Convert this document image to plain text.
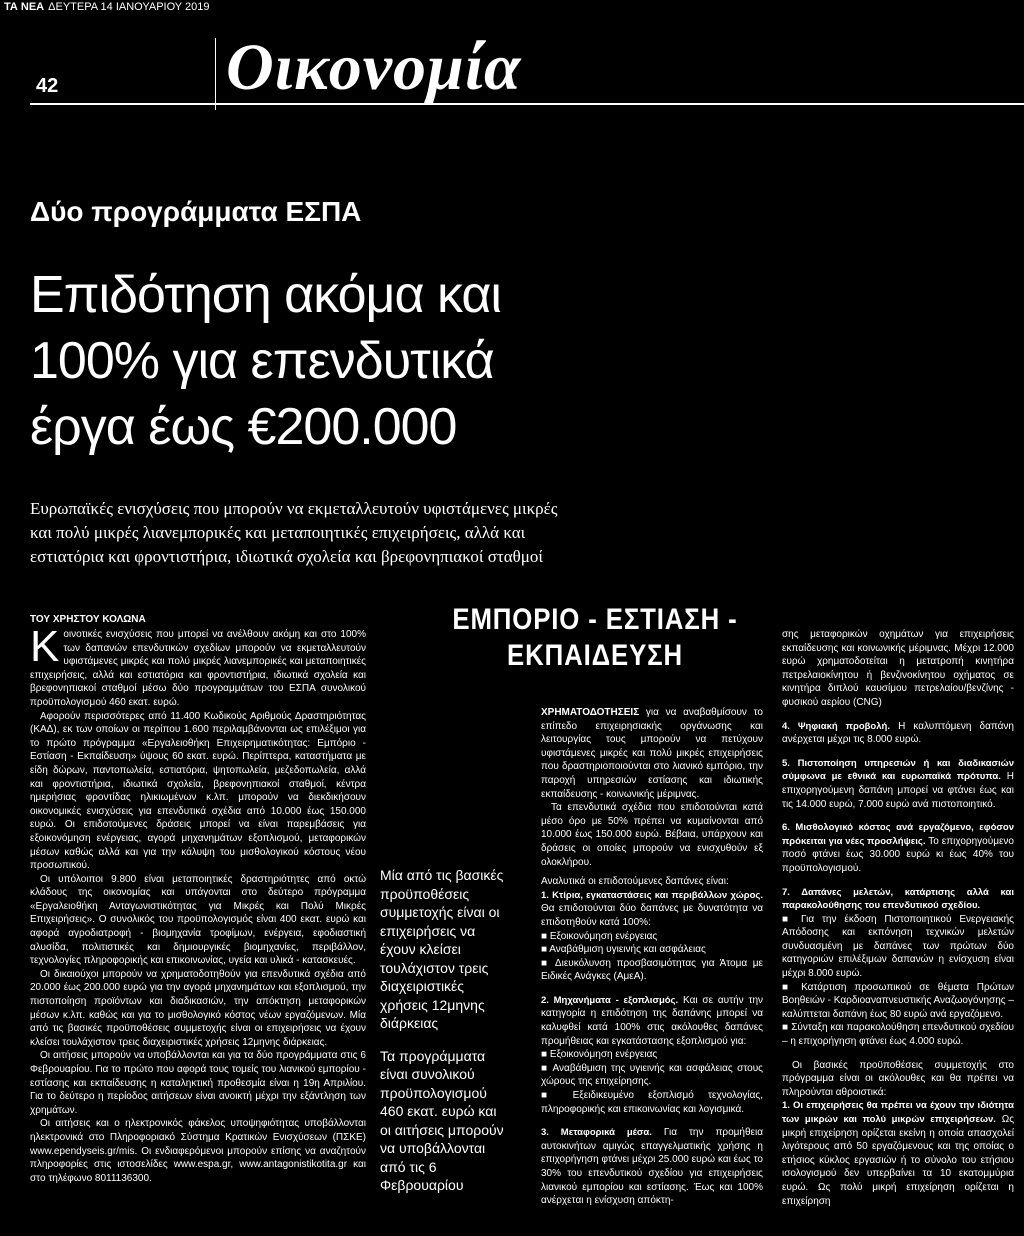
ΤΑ ΝΕΑ ΔΕΥΤΕΡΑ 14 ΙΑΝΟΥΑΡΙΟΥ 2019
42	Οικονομία
Δύο προγράμματα ΕΣΠΑ
Επιδότηση ακόμα και
100% για επενδυτικά
έργα έως €200.000
Ευρωπαϊκές ενισχύσεις που μπορούν να εκμεταλλευτούν υφιστάμενες μικρές
και πολύ μικρές λιανεμπορικές και μεταποιητικές επιχειρήσεις, αλλά και
εστιατόρια και φροντιστήρια, ιδιωτικά σχολεία και βρεφονηπιακοί σταθμοί
ΤΟΥ ΧΡΗΣΤΟΥ ΚΟΛΩΝΑ

Κοινοτικές ενισχύσεις που μπορεί να ανέλθουν ακόμη και στο 100% των δαπανών επενδυτικών σχεδίων μπορούν να εκμεταλλευτούν υφιστάμενες μικρές και πολύ μικρές λιανεμπορικές και μεταποιητικές επιχειρήσεις, αλλά και εστιατόρια και φροντιστήρια, ιδιωτικά σχολεία και βρεφονηπιακοί σταθμοί μέσω δύο προγραμμάτων του ΕΣΠΑ συνολικού προϋπολογισμού 460 εκατ. ευρώ.

Αφορούν περισσότερες από 11.400 Κωδικούς Αριθμούς Δραστηριότητας (ΚΑΔ), εκ των οποίων οι περίπου 1.600 περιλαμβάνονται ως επιλέξιμοι για το πρώτο πρόγραμμα «Εργαλειοθήκη Επιχειρηματικότητας: Εμπόριο - Εστίαση - Εκπαίδευση» ύψους 60 εκατ. ευρώ. Περίπτερα, καταστήματα με είδη δώρων, παντοπωλεία, εστιατόρια, ψητοπωλεία, μεζεδοπωλεία, αλλά και φροντιστήρια, ιδιωτικά σχολεία, βρεφονηπιακοί σταθμοί, κέντρα ημερήσιας φροντίδας ηλικιωμένων κ.λπ. μπορούν να διεκδικήσουν οικονομικές ενισχύσεις για επενδυτικά σχέδια από 10.000 έως 150.000 ευρώ. Οι επιδοτούμενες δράσεις μπορεί να είναι παρεμβάσεις για εξοικονόμηση ενέργειας, αγορά μηχανημάτων εξοπλισμού, μεταφορικών μέσων καθώς αλλά και για την κάλυψη του μισθολογικού κόστους νέου προσωπικού.

Οι υπόλοιποι 9.800 είναι μεταποιητικές δραστηριότητες από οκτώ κλάδους της οικονομίας και υπάγονται στο δεύτερο πρόγραμμα «Εργαλειοθήκη Ανταγωνιστικότητας για Μικρές και Πολύ Μικρές Επιχειρήσεις». Ο συνολικός του προϋπολογισμός είναι 400 εκατ. ευρώ και αφορά αγροδιατροφή - βιομηχανία τροφίμων, ενέργεια, εφοδιαστική αλυσίδα, πολιτιστικές και δημιουργικές βιομηχανίες, περιβάλλον, τεχνολογίες πληροφορικής και επικοινωνίας, υγεία και υλικά - κατασκευές.

Οι δικαιούχοι μπορούν να χρηματοδοτηθούν για επενδυτικά σχέδια από 20.000 έως 200.000 ευρώ για την αγορά μηχανημάτων και εξοπλισμού, την πιστοποίηση προϊόντων και διαδικασιών, την απόκτηση μεταφορικών μέσων κ.λπ. καθώς και για το μισθολογικό κόστος νέων εργαζόμενων. Μία από τις βασικές προϋποθέσεις συμμετοχής είναι οι επιχειρήσεις να έχουν κλείσει τουλάχιστον τρεις διαχειριστικές χρήσεις 12μηνης διάρκειας.

Οι αιτήσεις μπορούν να υποβάλλονται και για τα δύο προγράμματα στις 6 Φεβρουαρίου. Για το πρώτο που αφορά τους τομείς του λιανικού εμπορίου - εστίασης και εκπαίδευσης η καταληκτική προθεσμία είναι η 19η Απριλίου. Για το δεύτερο η περίοδος αιτήσεων είναι ανοικτή μέχρι την εξάντληση των χρημάτων.

Οι αιτήσεις και ο ηλεκτρονικός φάκελος υποψηφιότητας υποβάλλονται ηλεκτρονικά στο Πληροφοριακό Σύστημα Κρατικών Ενισχύσεων (ΠΣΚΕ) www.ependyseis.gr/mis. Οι ενδιαφερόμενοι μπορούν επίσης να αναζητούν πληροφορίες στις ιστοσελίδες www.espa.gr, www.antagonistikotita.gr και στο τηλέφωνο 8011136300.

Μία από τις βασικές προϋποθέσεις συμμετοχής είναι οι επιχειρήσεις να έχουν κλείσει τουλάχιστον τρεις διαχειριστικές χρήσεις 12μηνης διάρκειας

Τα προγράμματα είναι συνολικού προϋπολογισμού 460 εκατ. ευρώ και οι αιτήσεις μπορούν να υποβάλλονται από τις 6 Φεβρουαρίου

ΕΜΠΟΡΙΟ - ΕΣΤΙΑΣΗ -
ΕΚΠΑΙΔΕΥΣΗ

ΧΡΗΜΑΤΟΔΟΤΗΣΕΙΣ για να αναβαθμίσουν το επίπεδο επιχειρησιακής οργάνωσης και λειτουργίας τους μπορούν να πετύχουν υφιστάμενες μικρές και πολύ μικρές επιχειρήσεις που δραστηριοποιούνται στο λιανικό εμπόριο, την παροχή υπηρεσιών εστίασης και ιδιωτικής εκπαίδευσης - κοινωνικής μέριμνας.

Τα επενδυτικά σχέδια που επιδοτούνται κατά μέσο όρο με 50% πρέπει να κυμαίνονται από 10.000 έως 150.000 ευρώ. Βέβαια, υπάρχουν και δράσεις οι οποίες μπορούν να ενισχυθούν εξ ολοκλήρου.

Αναλυτικά οι επιδοτούμενες δαπάνες είναι:

1. Κτίρια, εγκαταστάσεις και περιβάλλων χώρος. Θα επιδοτούνται δύο δαπάνες με δυνατότητα να επιδοτηθούν κατά 100%:

■ Εξοικονόμηση ενέργειας

■ Αναβάθμιση υγιεινής και ασφάλειας

■ Διευκόλυνση προσβασιμότητας για Άτομα με Ειδικές Ανάγκες (ΑμεΑ).

2. Μηχανήματα - εξοπλισμός. Και σε αυτήν την κατηγορία η επιδότηση της δαπάνης μπορεί να καλυφθεί κατά 100% στις ακόλουθες δαπάνες προμήθειας και εγκατάστασης εξοπλισμού για:

■ Εξοικονόμηση ενέργειας

■ Αναβάθμιση της υγιεινής και ασφάλειας στους χώρους της επιχείρησης.

■ Εξειδικευμένο εξοπλισμό τεχνολογίας, πληροφορικής και επικοινωνίας και λογισμικά.

3. Μεταφορικά μέσα. Για την προμήθεια αυτοκινήτων αμιγώς επαγγελματικής χρήσης η επιχορήγηση φτάνει μέχρι 25.000 ευρώ και έως το 30% του επενδυτικού σχεδίου για επιχειρήσεις λιανικού εμπορίου και εστίασης. Έως και 100% ανέρχεται η ενίσχυση απόκτη-

σης μεταφορικών οχημάτων για επιχειρήσεις εκπαίδευσης και κοινωνικής μέριμνας. Μέχρι 12.000 ευρώ χρηματοδοτείται η μετατροπή κινητήρα πετρελαιοκίνητου ή βενζινοκίνητου οχήματος σε κινητήρα διπλού καυσίμου πετρελαίου/βενζίνης - φυσικού αερίου (CNG)

4. Ψηφιακή προβολή. Η καλυπτόμενη δαπάνη ανέρχεται μέχρι τις 8.000 ευρώ.

5. Πιστοποίηση υπηρεσιών ή και διαδικασιών σύμφωνα με εθνικά και ευρωπαϊκά πρότυπα. Η επιχορηγούμενη δαπάνη μπορεί να φτάνει έως και τις 14.000 ευρώ, 7.000 ευρώ ανά πιστοποιητικό.

6. Μισθολογικό κόστος ανά εργαζόμενο, εφόσον πρόκειται για νέες προσλήψεις. Το επιχορηγούμενο ποσό φτάνει έως 30.000 ευρώ κι έως 40% του προϋπολογισμού.

7. Δαπάνες μελετών, κατάρτισης αλλά και παρακολούθησης του επενδυτικού σχεδίου.

■ Για την έκδοση Πιστοποιητικού Ενεργειακής Απόδοσης και εκπόνηση τεχνικών μελετών συνδυασμένη με δαπάνες των πρώτων δύο κατηγοριών επιλέξιμων δαπανών η ενίσχυση είναι μέχρι 8.000 ευρώ.

■ Κατάρτιση προσωπικού σε θέματα Πρώτων Βοηθειών - Καρδιοαναπνευστικής Αναζωογόνησης – καλύπτεται δαπάνη έως 80 ευρώ ανά εργαζόμενο.

■ Σύνταξη και παρακολούθηση επενδυτικού σχεδίου – η επιχορήγηση φτάνει έως 4.000 ευρώ.

Οι βασικές προϋποθέσεις συμμετοχής στο πρόγραμμα είναι οι ακόλουθες και θα πρέπει να πληρούνται αθροιστικά:

1. Οι επιχειρήσεις θα πρέπει να έχουν την ιδιότητα των μικρών και πολύ μικρών επιχειρήσεων. Ως μικρή επιχείρηση ορίζεται εκείνη η οποία απασχολεί λιγότερους από 50 εργαζόμενους και της οποίας ο ετήσιος κύκλος εργασιών ή το σύνολο του ετήσιου ισολογισμού δεν υπερβαίνει τα 10 εκατομμύρια ευρώ. Ως πολύ μικρή επιχείρηση ορίζεται η επιχείρηση
